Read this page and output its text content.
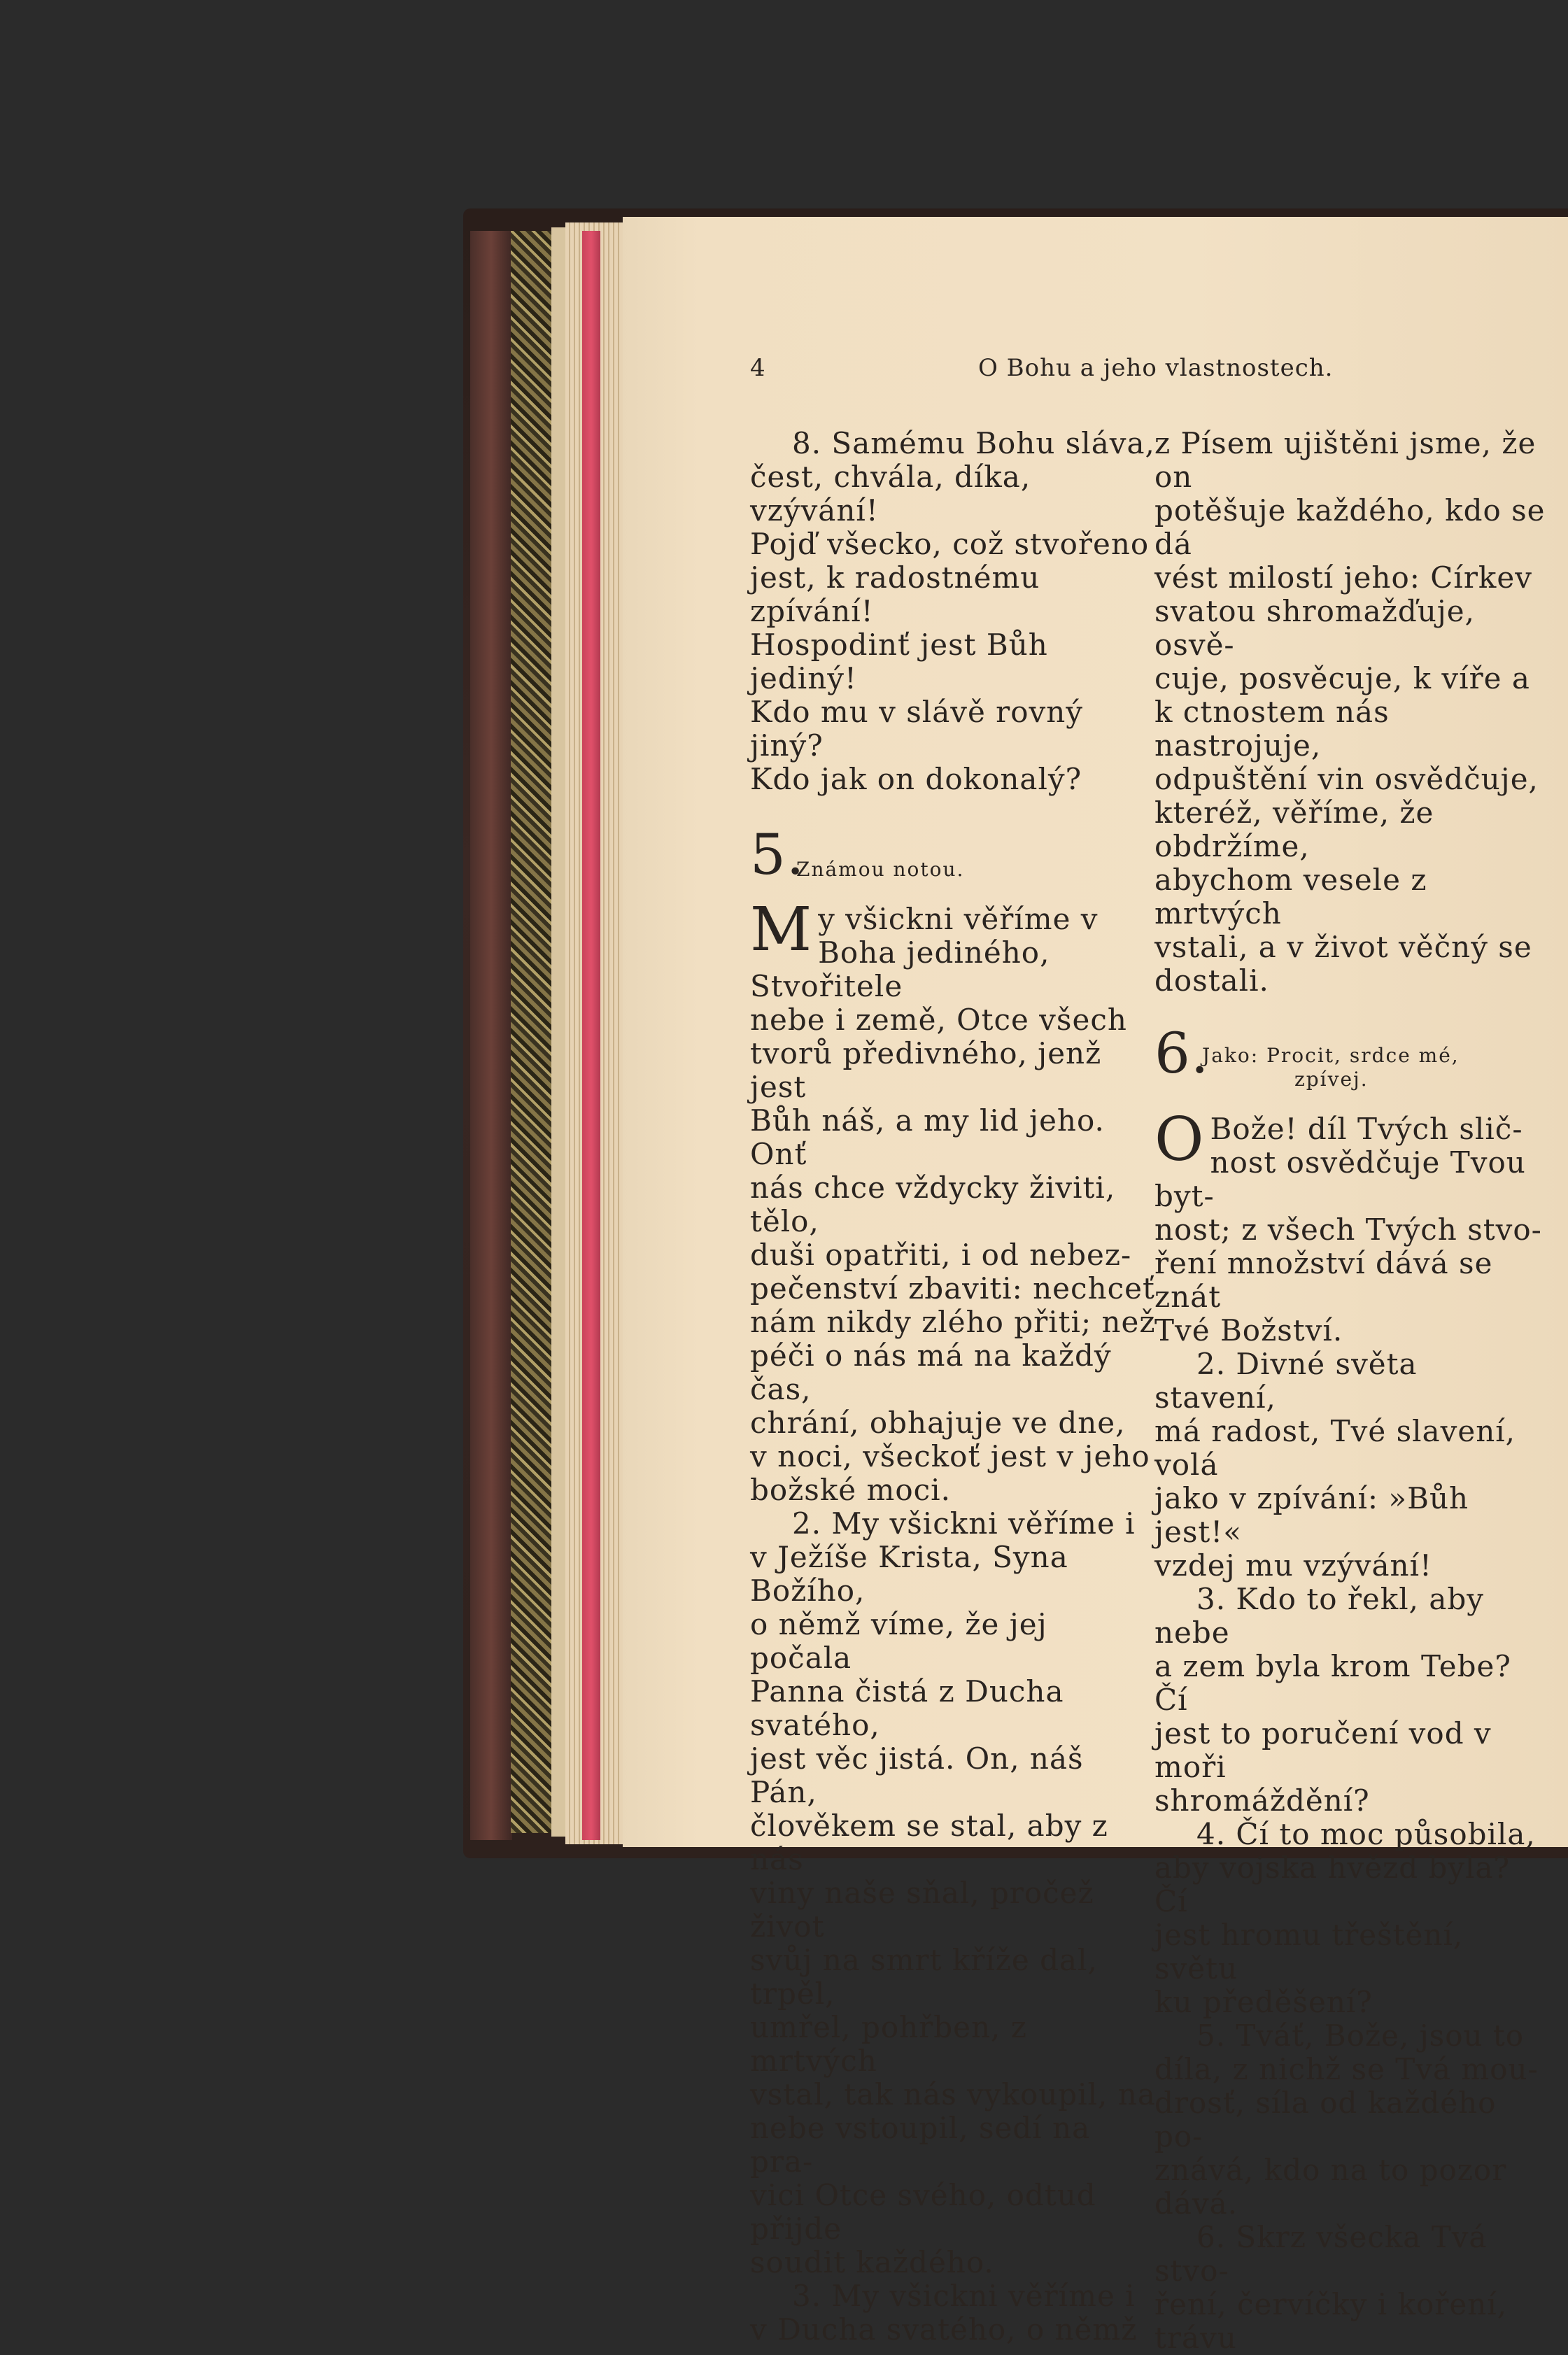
4	O Bohu a jeho vlastnostech.

8. Samému Bohu sláva,

čest, chvála, díka, vzývání!

Pojď všecko, což stvořeno

jest, k radostnému zpívání!

Hospodinť jest Bůh jediný!

Kdo mu v slávě rovný jiný?

Kdo jak on dokonalý?

5.
Známou notou.
M y všickni věříme v

Boha jediného, Stvořitele

nebe i země, Otce všech

tvorů předivného, jenž jest

Bůh náš, a my lid jeho. Onť

nás chce vždycky živiti, tělo,

duši opatřiti, i od nebez-

pečenství zbaviti: nechceť

nám nikdy zlého přiti; než

péči o nás má na každý čas,

chrání, obhajuje ve dne,

v noci, všeckoť jest v jeho

božské moci.

2. My všickni věříme i

v Ježíše Krista, Syna Božího,

o němž víme, že jej počala

Panna čistá z Ducha svatého,

jest věc jistá. On, náš Pán,

člověkem se stal, aby z nás

viny naše sňal, pročež život

svůj na smrt kříže dal, trpěl,

umřel, pohřben, z mrtvých

vstal, tak nás vykoupil, na

nebe vstoupil, sedí na pra-

vici Otce svého, odtud přijde

soudit každého.

3. My všickni věříme i

v Ducha svatého, o němž

z Písem ujištěni jsme, že on

potěšuje každého, kdo se dá

vést milostí jeho: Církev

svatou shromažďuje, osvě-

cuje, posvěcuje, k víře a

k ctnostem nás nastrojuje,

odpuštění vin osvědčuje,

kteréž, věříme, že obdržíme,

abychom vesele z mrtvých

vstali, a v život věčný se

dostali.

6.
Jako: Procit, srdce mé,
zpívej.
O Bože! díl Tvých slič-

nost osvědčuje Tvou byt-

nost; z všech Tvých stvo-

ření množství dává se znát

Tvé Božství.

2. Divné světa stavení,

má radost, Tvé slavení, volá

jako v zpívání: »Bůh jest!«

vzdej mu vzývání!

3. Kdo to řekl, aby nebe

a zem byla krom Tebe? Čí

jest to poručení vod v moři

shromáždění?

4. Čí to moc působila,

aby vojska hvězd byla? Čí

jest hromu třeštění, světu

ku předěšení?

5. Tváť, Bože, jsou to

díla, z nichž se Tvá mou-

drosť, síla od každého po-

znává, kdo na to pozor dává.

6. Skrz všecka Tvá stvo-

ření, červíčky i koření, trávu
